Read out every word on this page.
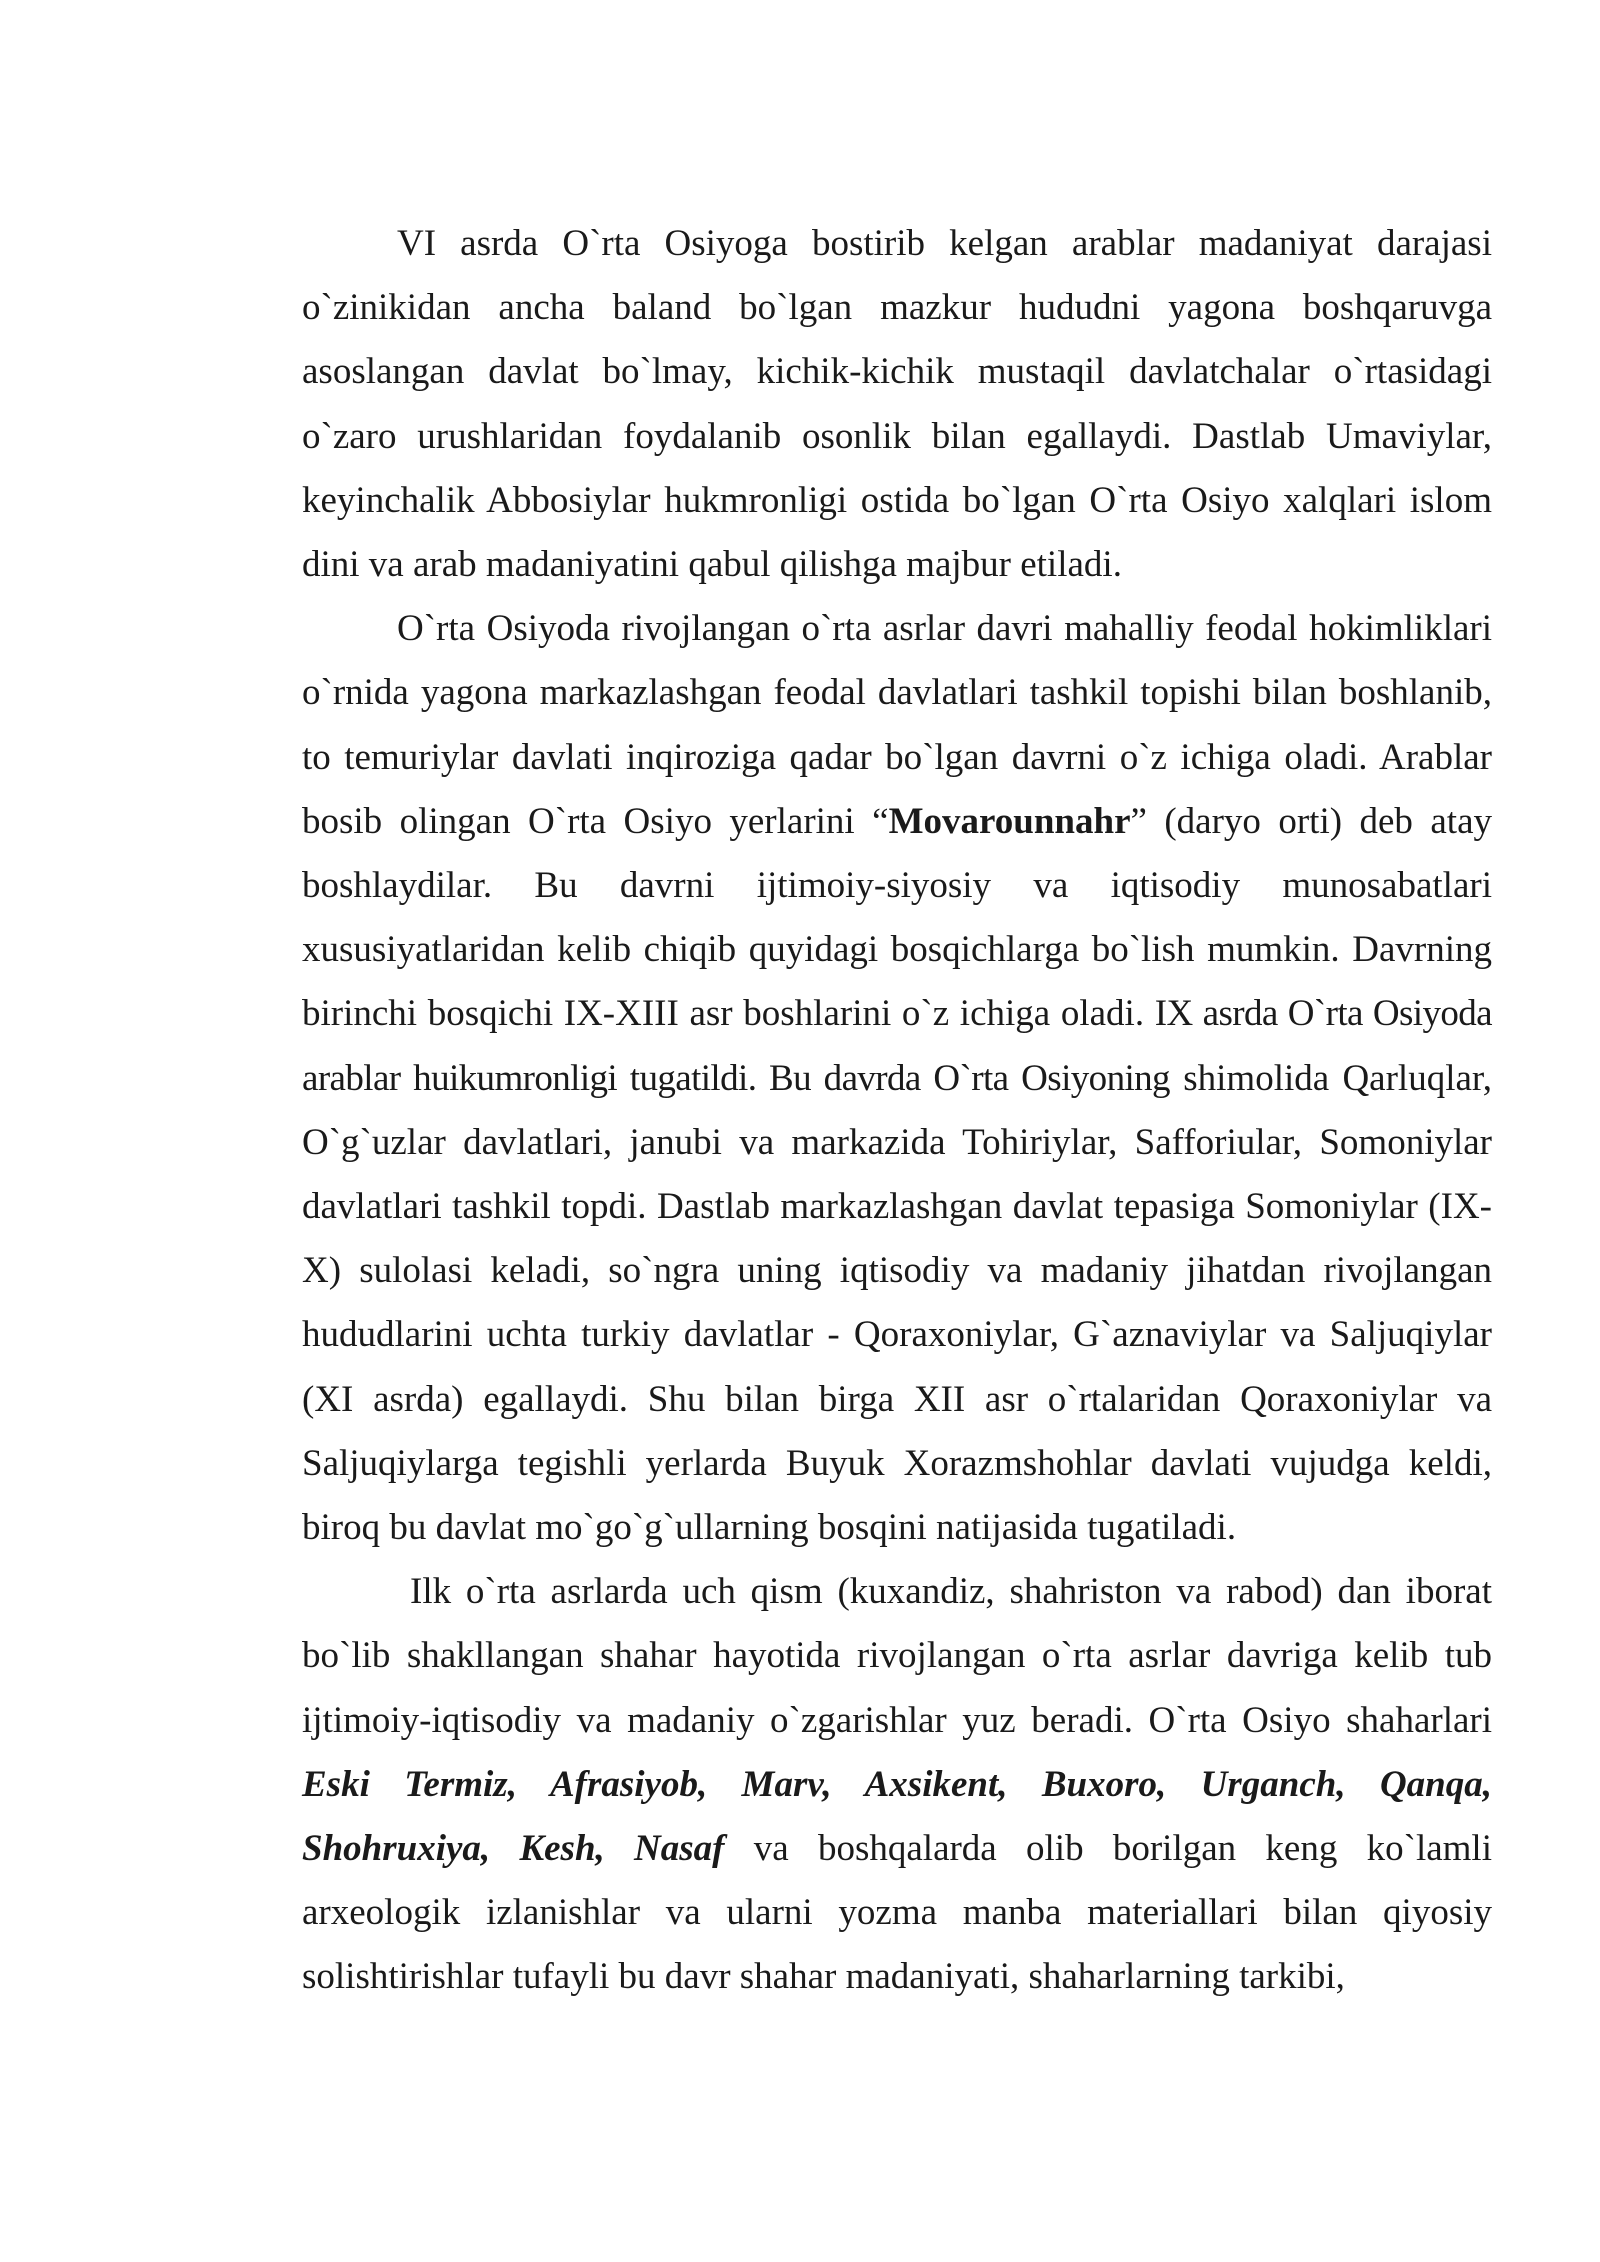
VI asrda O`rta Osiyoga bostirib kelgan arablar madaniyat darajasi o`zinikidan ancha baland bo`lgan mazkur hududni yagona boshqaruvga asoslangan davlat bo`lmay, kichik-kichik mustaqil davlatchalar o`rtasidagi o`zaro urushlaridan foydalanib osonlik bilan egallaydi. Dastlab Umaviylar, keyinchalik Abbosiylar hukmronligi ostida bo`lgan O`rta Osiyo xalqlari islom dini va arab madaniyatini qabul qilishga majbur etiladi.

O`rta Osiyoda rivojlangan o`rta asrlar davri mahalliy feodal hokimliklari o`rnida yagona markazlashgan feodal davlatlari tashkil topishi bilan boshlanib, to temuriylar davlati inqiroziga qadar bo`lgan davrni o`z ichiga oladi. Arablar bosib olingan O`rta Osiyo yerlarini “Movarounnahr” (daryo orti) deb atay boshlaydilar. Bu davrni ijtimoiy-siyosiy va iqtisodiy munosabatlari xususiyatlaridan kelib chiqib quyidagi bosqichlarga bo`lish mumkin. Davrning birinchi bosqichi IX-XIII asr boshlarini o`z ichiga oladi. IX asrda O`rta Osiyoda arablar huikumronligi tugatildi. Bu davrda O`rta Osiyoning shimolida Qarluqlar, O`g`uzlar davlatlari, janubi va markazida Tohiriylar, Safforiular, Somoniylar davlatlari tashkil topdi. Dastlab markazlashgan davlat tepasiga Somoniylar (IX-X) sulolasi keladi, so`ngra uning iqtisodiy va madaniy jihatdan rivojlangan hududlarini uchta turkiy davlatlar - Qoraxoniylar, G`aznaviylar va Saljuqiylar (XI asrda) egallaydi. Shu bilan birga XII asr o`rtalaridan Qoraxoniylar va Saljuqiylarga tegishli yerlarda Buyuk Xorazmshohlar davlati vujudga keldi, biroq bu davlat mo`go`g`ullarning bosqini natijasida tugatiladi.

Ilk o`rta asrlarda uch qism (kuxandiz, shahriston va rabod) dan iborat bo`lib shakllangan shahar hayotida rivojlangan o`rta asrlar davriga kelib tub ijtimoiy-iqtisodiy va madaniy o`zgarishlar yuz beradi. O`rta Osiyo shaharlari Eski Termiz, Afrasiyob, Marv, Axsikent, Buxoro, Urganch, Qanqa, Shohruxiya, Kesh, Nasaf va boshqalarda olib borilgan keng ko`lamli arxeologik izlanishlar va ularni yozma manba materiallari bilan qiyosiy solishtirishlar tufayli bu davr shahar madaniyati, shaharlarning tarkibi,
